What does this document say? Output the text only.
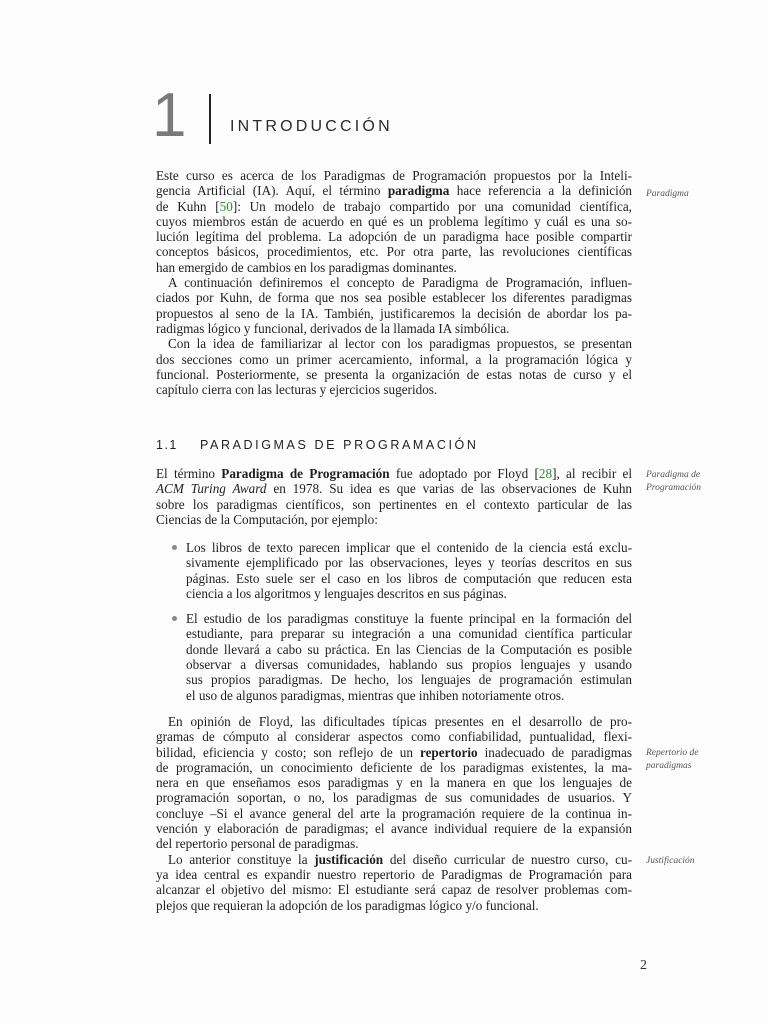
1	INTRODUCCIÓN
Este curso es acerca de los Paradigmas de Programación propuestos por la Inteli-
gencia Artificial (IA). Aquí, el término paradigma hace referencia a la definición
de Kuhn [50]: Un modelo de trabajo compartido por una comunidad científica,
cuyos miembros están de acuerdo en qué es un problema legítimo y cuál es una so-
lución legítima del problema. La adopción de un paradigma hace posible compartir
conceptos básicos, procedimientos, etc. Por otra parte, las revoluciones científicas
han emergido de cambios en los paradigmas dominantes.
A continuación definiremos el concepto de Paradigma de Programación, influen-
ciados por Kuhn, de forma que nos sea posible establecer los diferentes paradigmas
propuestos al seno de la IA. También, justificaremos la decisión de abordar los pa-
radigmas lógico y funcional, derivados de la llamada IA simbólica.
Con la idea de familiarizar al lector con los paradigmas propuestos, se presentan
dos secciones como un primer acercamiento, informal, a la programación lógica y
funcional. Posteriormente, se presenta la organización de estas notas de curso y el
capítulo cierra con las lecturas y ejercicios sugeridos.
1.1 PARADIGMAS DE PROGRAMACIÓN
El término Paradigma de Programación fue adoptado por Floyd [28], al recibir el
ACM Turing Award en 1978. Su idea es que varias de las observaciones de Kuhn
sobre los paradigmas científicos, son pertinentes en el contexto particular de las
Ciencias de la Computación, por ejemplo:
Los libros de texto parecen implicar que el contenido de la ciencia está exclu-
sivamente ejemplificado por las observaciones, leyes y teorías descritos en sus
páginas. Esto suele ser el caso en los libros de computación que reducen esta
ciencia a los algoritmos y lenguajes descritos en sus páginas.
El estudio de los paradigmas constituye la fuente principal en la formación del
estudiante, para preparar su integración a una comunidad científica particular
donde llevará a cabo su práctica. En las Ciencias de la Computación es posible
observar a diversas comunidades, hablando sus propios lenguajes y usando
sus propios paradigmas. De hecho, los lenguajes de programación estimulan
el uso de algunos paradigmas, mientras que inhiben notoriamente otros.
En opinión de Floyd, las dificultades típicas presentes en el desarrollo de pro-
gramas de cómputo al considerar aspectos como confiabilidad, puntualidad, flexi-
bilidad, eficiencia y costo; son reflejo de un repertorio inadecuado de paradigmas
de programación, un conocimiento deficiente de los paradigmas existentes, la ma-
nera en que enseñamos esos paradigmas y en la manera en que los lenguajes de
programación soportan, o no, los paradigmas de sus comunidades de usuarios. Y
concluye –Si el avance general del arte la programación requiere de la continua in-
vención y elaboración de paradigmas; el avance individual requiere de la expansión
del repertorio personal de paradigmas.
Lo anterior constituye la justificación del diseño curricular de nuestro curso, cu-
ya idea central es expandir nuestro repertorio de Paradigmas de Programación para
alcanzar el objetivo del mismo: El estudiante será capaz de resolver problemas com-
plejos que requieran la adopción de los paradigmas lógico y/o funcional.
Paradigma
Paradigma de Programación
Repertorio de paradigmas
Justificación
2
